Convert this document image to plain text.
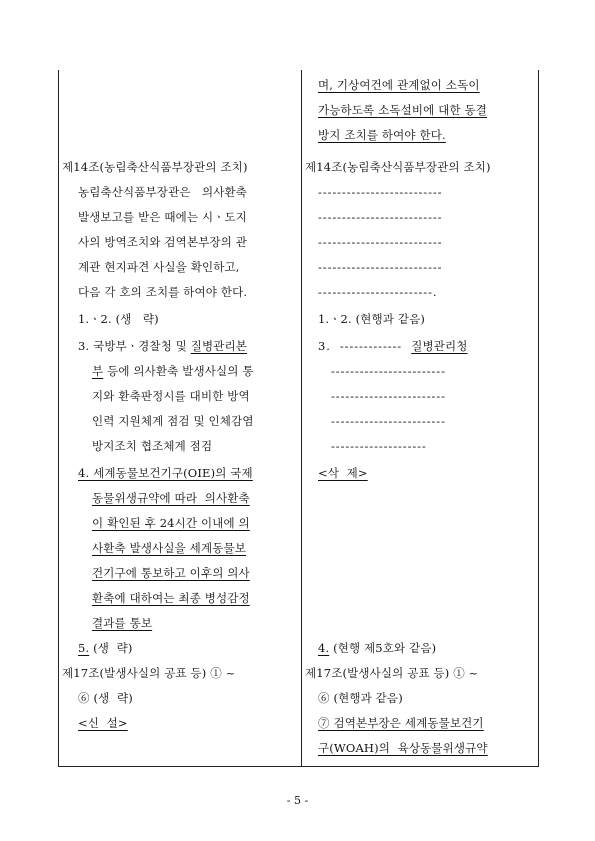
제14조(농림축산식품부장관의 조치)
농림축산식품부장관은   의사환축
발생보고를 받은 때에는 시ㆍ도지
사의 방역조치와 검역본부장의 관
계관 현지파견 사실을 확인하고,
다음 각 호의 조치를 하여야 한다.
1.ㆍ2. (생   략)
3. 국방부ㆍ경찰청 및 질병관리본
부 등에 의사환축 발생사실의 통
지와 환축판정시를 대비한 방역
인력 지원체계 점검 및 인체감염
방지조치 협조체계 점검
4. 세계동물보건기구(OIE)의 국제
동물위생규약에 따라  의사환축
이 확인된 후 24시간 이내에 의
사환축 발생사실을 세계동물보
건기구에 통보하고 이후의 의사
환축에 대하여는 최종 병성감정
결과를 통보
5. (생  략)
제17조(발생사실의 공표 등) ① ~
⑥ (생  략)
<신  설>
며, 기상여건에 관계없이 소독이
가능하도록 소독설비에 대한 동결
방지 조치를 하여야 한다.
제14조(농림축산식품부장관의 조치)
--------------------------
--------------------------
--------------------------
--------------------------
------------------------.
1.ㆍ2. (현행과 같음)
3.  -------------  질병관리청
------------------------
------------------------
------------------------
--------------------
<삭  제>
4. (현행 제5호와 같음)
제17조(발생사실의 공표 등) ① ~
⑥ (현행과 같음)
⑦ 검역본부장은 세계동물보건기
구(WOAH)의  육상동물위생규약
- 5 -
